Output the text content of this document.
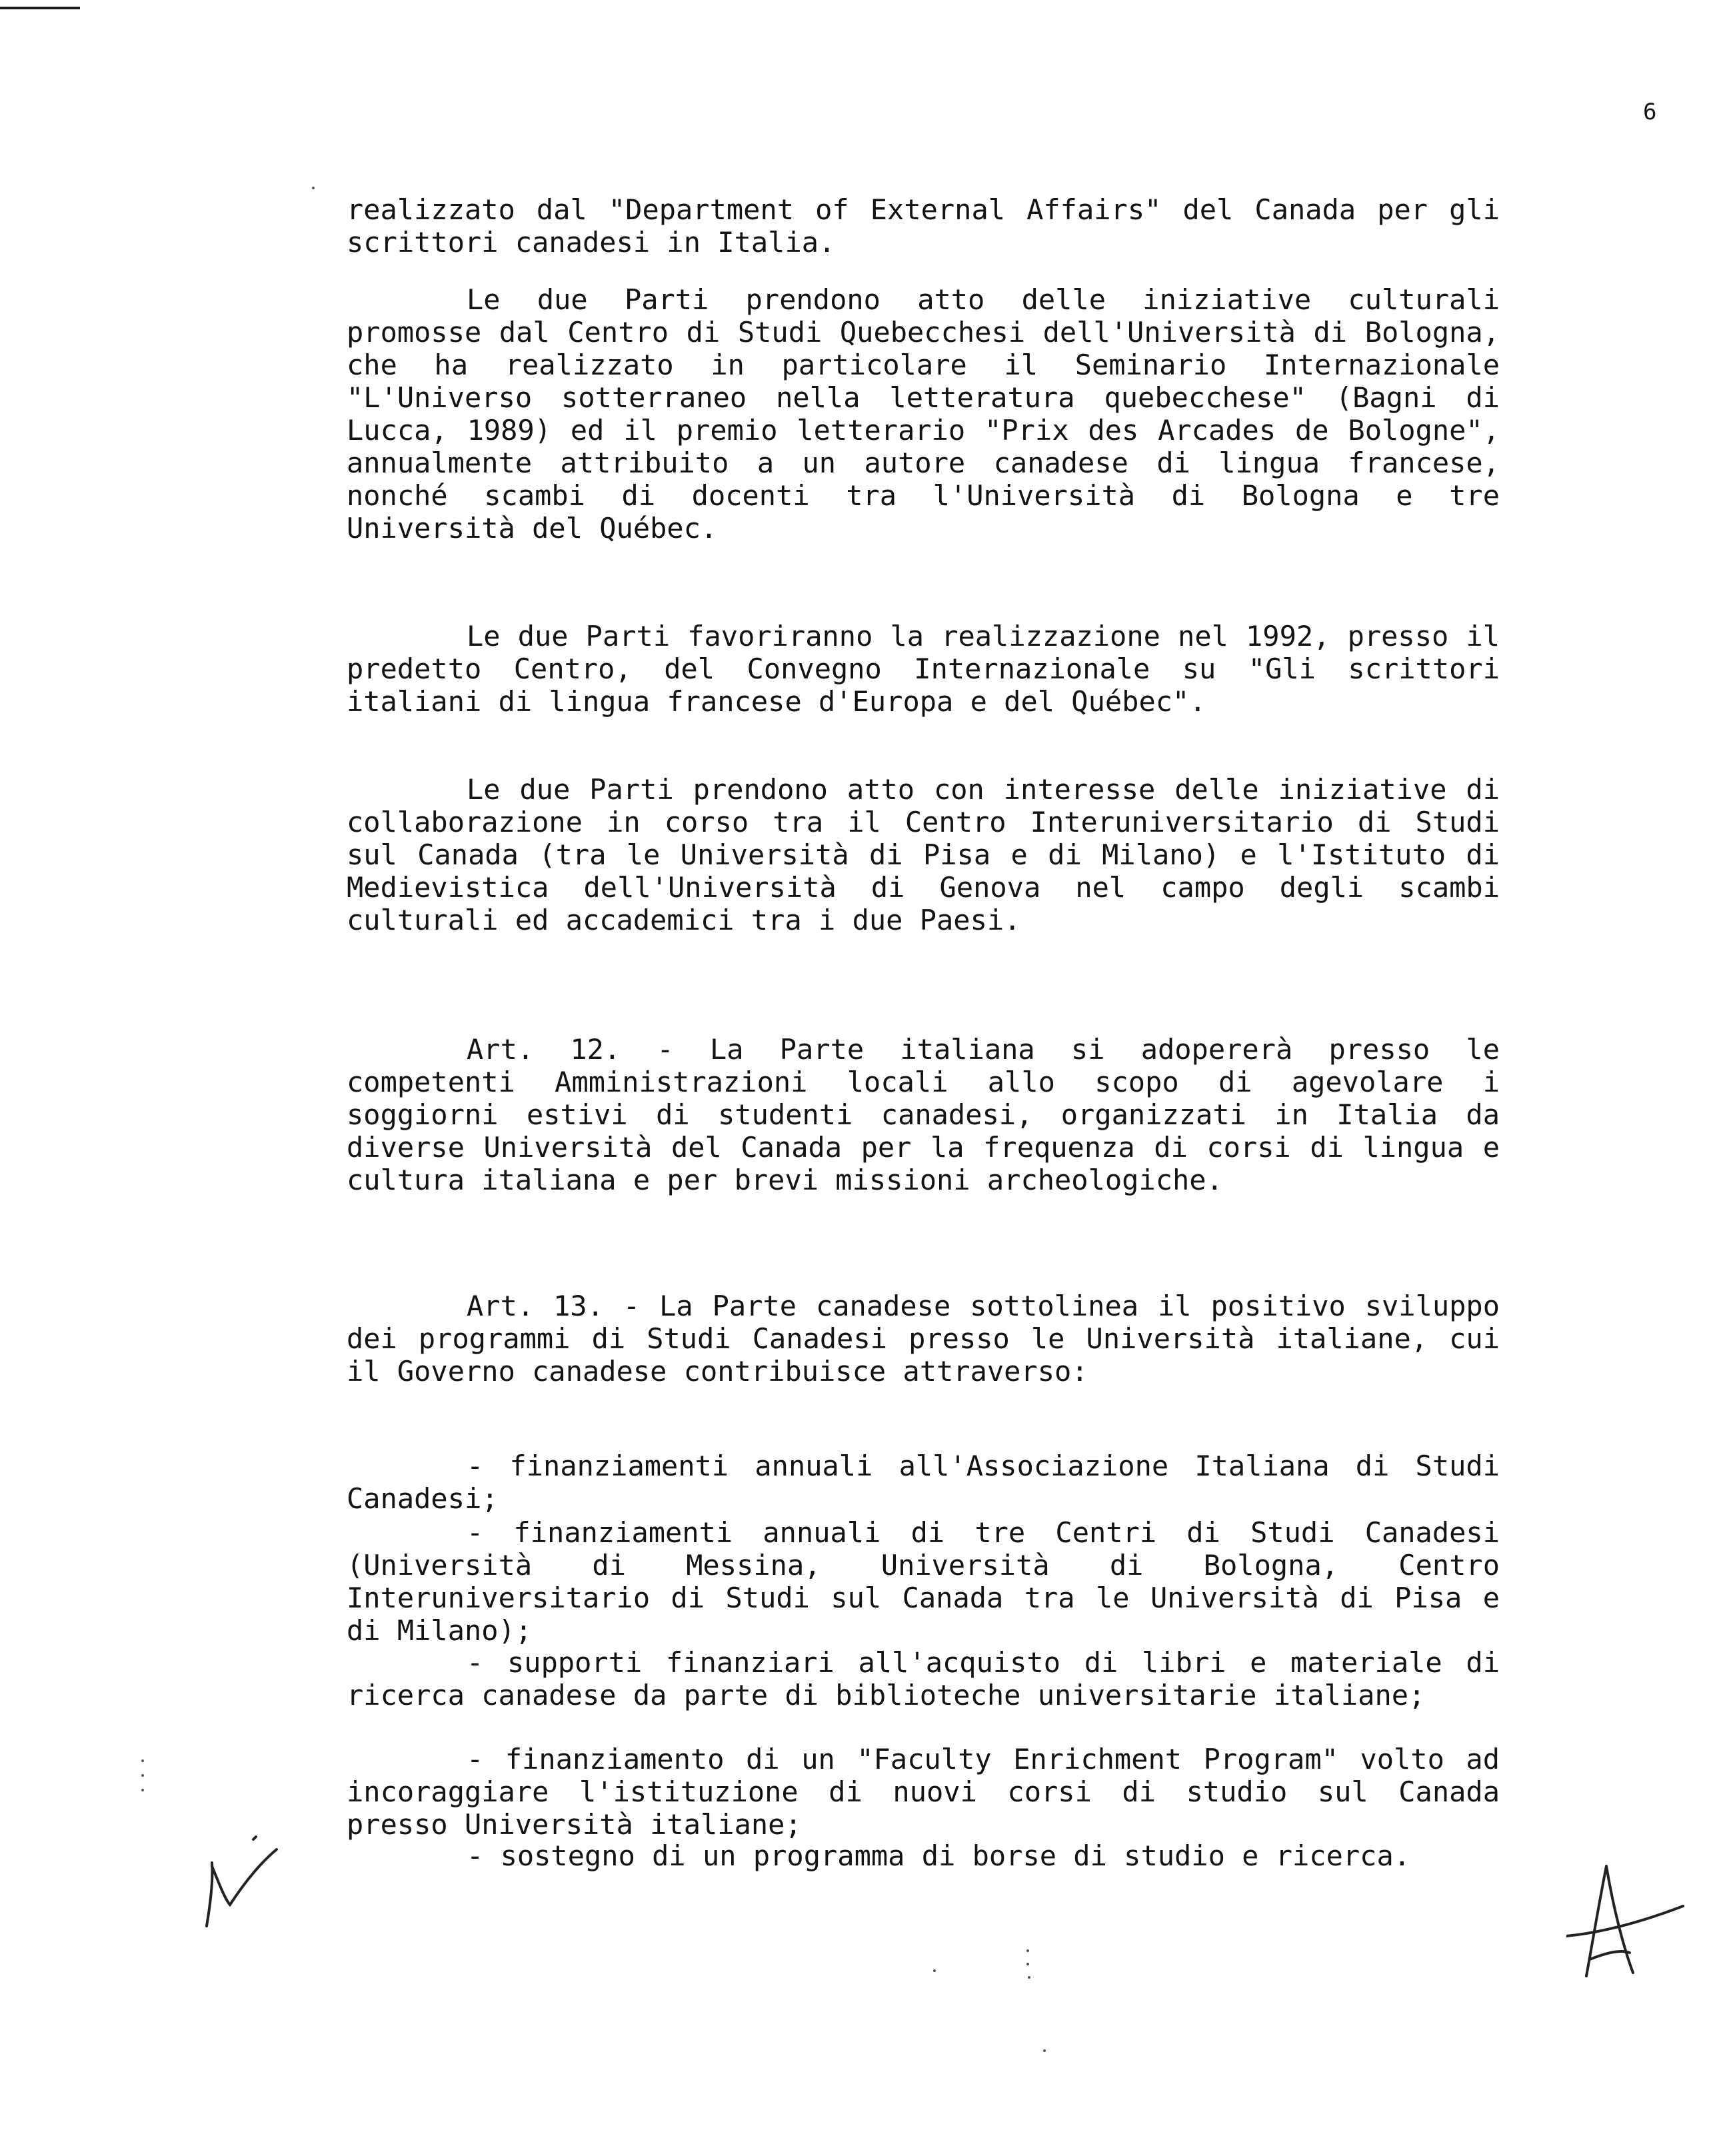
6

realizzato dal "Department of External Affairs" del Canada per gli scrittori canadesi in Italia.

Le due Parti prendono atto delle iniziative culturali promosse dal Centro di Studi Quebecchesi dell'Università di Bologna, che ha realizzato in particolare il Seminario Internazionale "L'Universo sotterraneo nella letteratura quebecchese" (Bagni di Lucca, 1989) ed il premio letterario "Prix des Arcades de Bologne", annualmente attribuito a un autore canadese di lingua francese, nonché scambi di docenti tra l'Università di Bologna e tre Università del Québec.

Le due Parti favoriranno la realizzazione nel 1992, presso il predetto Centro, del Convegno Internazionale su "Gli scrittori italiani di lingua francese d'Europa e del Québec".

Le due Parti prendono atto con interesse delle iniziative di collaborazione in corso tra il Centro Interuniversitario di Studi sul Canada (tra le Università di Pisa e di Milano) e l'Istituto di Medievistica dell'Università di Genova nel campo degli scambi culturali ed accademici tra i due Paesi.

Art. 12. - La Parte italiana si adopererà presso le competenti Amministrazioni locali allo scopo di agevolare i soggiorni estivi di studenti canadesi, organizzati in Italia da diverse Università del Canada per la frequenza di corsi di lingua e cultura italiana e per brevi missioni archeologiche.

Art. 13. - La Parte canadese sottolinea il positivo sviluppo dei programmi di Studi Canadesi presso le Università italiane, cui il Governo canadese contribuisce attraverso:

- finanziamenti annuali all'Associazione Italiana di Studi Canadesi;

- finanziamenti annuali di tre Centri di Studi Canadesi (Università di Messina, Università di Bologna, Centro Interuniversitario di Studi sul Canada tra le Università di Pisa e di Milano);

- supporti finanziari all'acquisto di libri e materiale di ricerca canadese da parte di biblioteche universitarie italiane;

- finanziamento di un "Faculty Enrichment Program" volto ad incoraggiare l'istituzione di nuovi corsi di studio sul Canada presso Università italiane;

- sostegno di un programma di borse di studio e ricerca.
